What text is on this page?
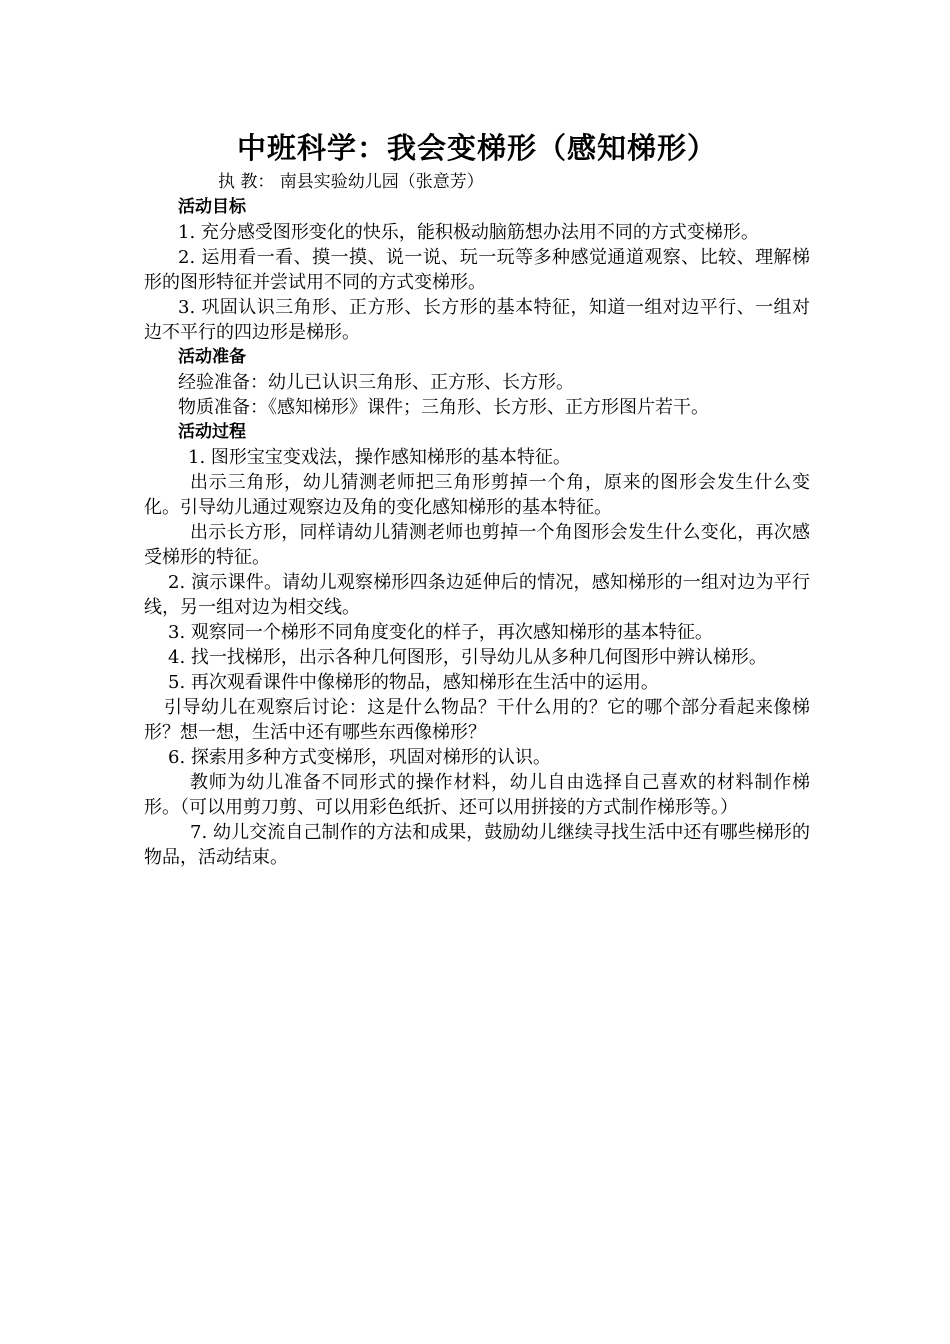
中班科学：我会变梯形（感知梯形）

执 教： 南县实验幼儿园（张意芳）

活动目标

1. 充分感受图形变化的快乐，能积极动脑筋想办法用不同的方式变梯形。

2. 运用看一看、摸一摸、说一说、玩一玩等多种感觉通道观察、比较、理解梯形的图形特征并尝试用不同的方式变梯形。

3. 巩固认识三角形、正方形、长方形的基本特征，知道一组对边平行、一组对边不平行的四边形是梯形。

活动准备

经验准备：幼儿已认识三角形、正方形、长方形。

物质准备：《感知梯形》课件；三角形、长方形、正方形图片若干。

活动过程

1. 图形宝宝变戏法，操作感知梯形的基本特征。

出示三角形，幼儿猜测老师把三角形剪掉一个角，原来的图形会发生什么变化。引导幼儿通过观察边及角的变化感知梯形的基本特征。

出示长方形，同样请幼儿猜测老师也剪掉一个角图形会发生什么变化，再次感受梯形的特征。

2. 演示课件。请幼儿观察梯形四条边延伸后的情况，感知梯形的一组对边为平行线，另一组对边为相交线。

3. 观察同一个梯形不同角度变化的样子，再次感知梯形的基本特征。

4. 找一找梯形，出示各种几何图形，引导幼儿从多种几何图形中辨认梯形。

5. 再次观看课件中像梯形的物品，感知梯形在生活中的运用。

引导幼儿在观察后讨论：这是什么物品？干什么用的？它的哪个部分看起来像梯形？想一想，生活中还有哪些东西像梯形？

6. 探索用多种方式变梯形，巩固对梯形的认识。

教师为幼儿准备不同形式的操作材料，幼儿自由选择自己喜欢的材料制作梯形。（可以用剪刀剪、可以用彩色纸折、还可以用拼接的方式制作梯形等。）

7. 幼儿交流自己制作的方法和成果，鼓励幼儿继续寻找生活中还有哪些梯形的物品，活动结束。
